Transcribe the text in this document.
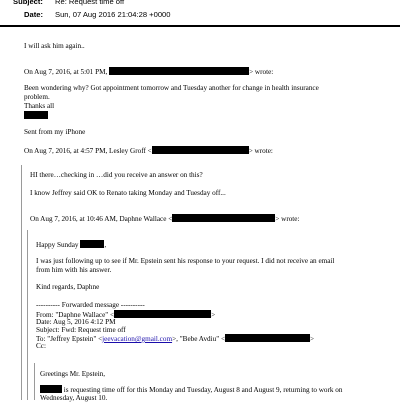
Subject: Re: Request time off
Date: Sun, 07 Aug 2016 21:04:28 +0000
I will ask him again..
On Aug 7, 2016, at 5:01 PM,	> wrote:
Been wondering why? Got appointment tomorrow and Tuesday another for change in health insurance
problem.
Thanks all
Sent from my iPhone
On Aug 7, 2016, at 4:57 PM, Lesley Groff <	> wrote:
HI there…checking in …did you receive an answer on this?
I know Jeffrey said OK to Renato taking Monday and Tuesday off...
On Aug 7, 2016, at 10:46 AM, Daphne Wallace <	> wrote:
Happy Sunday	,
I was just following up to see if Mr. Epstein sent his response to your request. I did not receive an email
from him with his answer.
Kind regards, Daphne
---------- Forwarded message ----------
From: "Daphne Wallace" <	>
Date: Aug 5, 2016 4:12 PM
Subject: Fwd: Request time off
To: "Jeffrey Epstein" <jeevacation@gmail.com>, "Bebe Avdiu" <	>
Cc:
Greetings Mr. Epstein,
is requesting time off for this Monday and Tuesday, August 8 and August 9, returning to work on
Wednesday, August 10.
